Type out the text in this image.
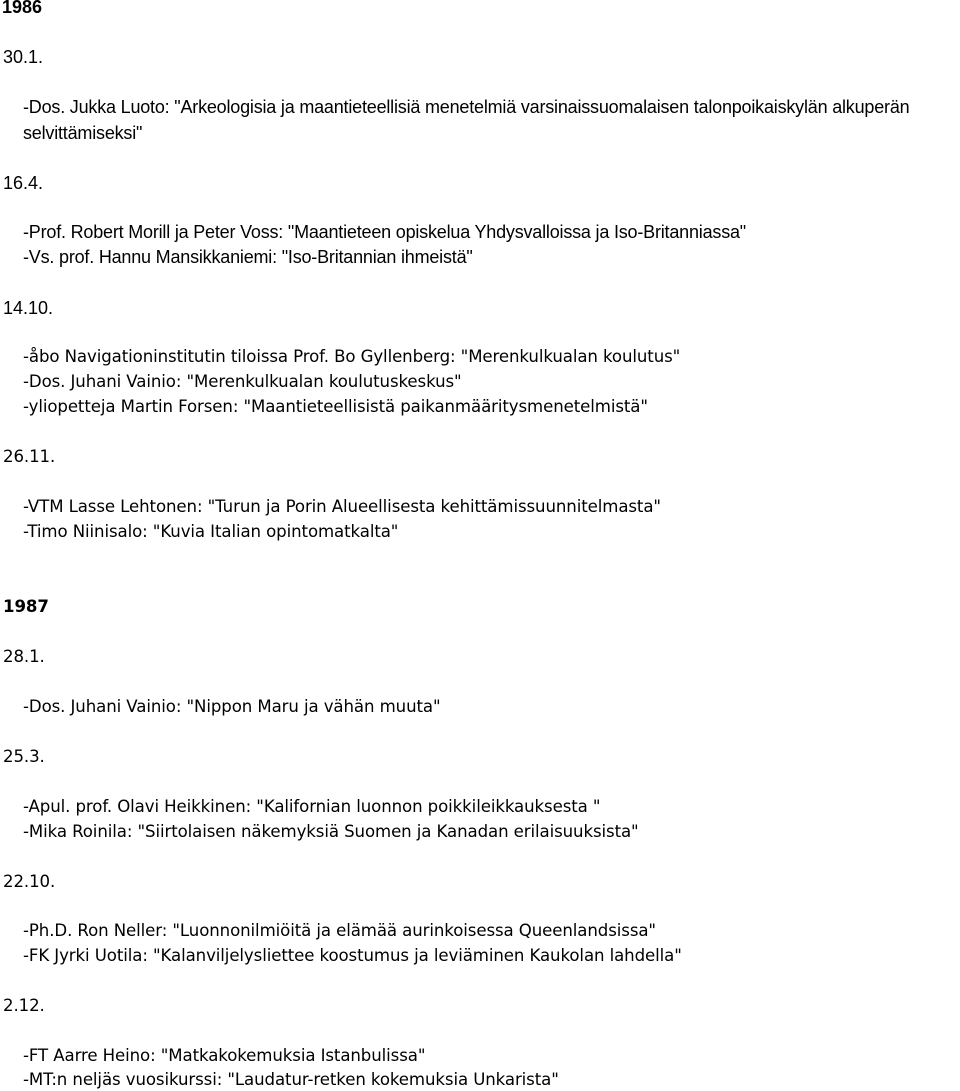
1986
30.1.
-Dos. Jukka Luoto: "Arkeologisia ja maantieteellisiä menetelmiä varsinaissuomalaisen talonpoikaiskylän alkuperän
selvittämiseksi"
16.4.
-Prof. Robert Morill ja Peter Voss: "Maantieteen opiskelua Yhdysvalloissa ja Iso-Britanniassa"
-Vs. prof. Hannu Mansikkaniemi: "Iso-Britannian ihmeistä"
14.10.
-åbo Navigationinstitutin tiloissa Prof. Bo Gyllenberg: "Merenkulkualan koulutus"
-Dos. Juhani Vainio: "Merenkulkualan koulutuskeskus"
-yliopetteja Martin Forsen: "Maantieteellisistä paikanmääritysmenetelmistä"
26.11.
-VTM Lasse Lehtonen: "Turun ja Porin Alueellisesta kehittämissuunnitelmasta"
-Timo Niinisalo: "Kuvia Italian opintomatkalta"
1987
28.1.
-Dos. Juhani Vainio: "Nippon Maru ja vähän muuta"
25.3.
-Apul. prof. Olavi Heikkinen: "Kalifornian luonnon poikkileikkauksesta "
-Mika Roinila: "Siirtolaisen näkemyksiä Suomen ja Kanadan erilaisuuksista"
22.10.
-Ph.D. Ron Neller: "Luonnonilmiöitä ja elämää aurinkoisessa Queenlandsissa"
-FK Jyrki Uotila: "Kalanviljelysliettee koostumus ja leviäminen Kaukolan lahdella"
2.12.
-FT Aarre Heino: "Matkakokemuksia Istanbulissa"
-MT:n neljäs vuosikurssi: "Laudatur-retken kokemuksia Unkarista"
